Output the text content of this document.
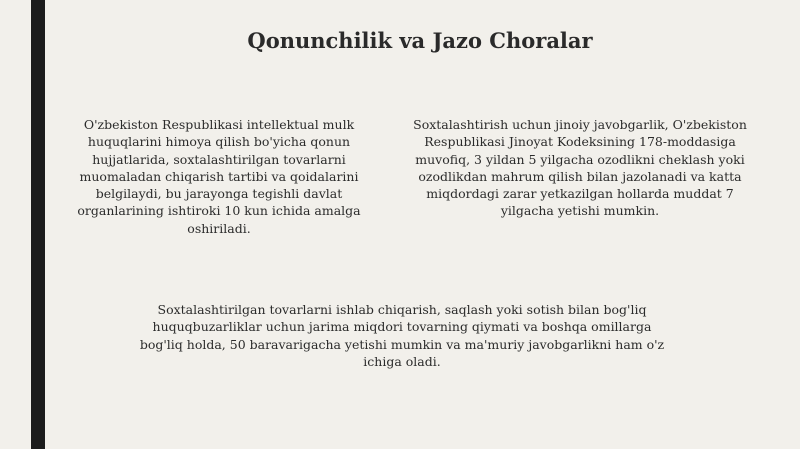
Qonunchilik va Jazo Choralar

O'zbekiston Respublikasi intellektual mulk huquqlarini himoya qilish bo'yicha qonun hujjatlarida, soxtalashtirilgan tovarlarni muomaladan chiqarish tartibi va qoidalarini belgilaydi, bu jarayonga tegishli davlat organlarining ishtiroki 10 kun ichida amalga oshiriladi.

Soxtalashtirish uchun jinoiy javobgarlik, O'zbekiston Respublikasi Jinoyat Kodeksining 178-moddasiga muvofiq, 3 yildan 5 yilgacha ozodlikni cheklash yoki ozodlikdan mahrum qilish bilan jazolanadi va katta miqdordagi zarar yetkazilgan hollarda muddat 7 yilgacha yetishi mumkin.

Soxtalashtirilgan tovarlarni ishlab chiqarish, saqlash yoki sotish bilan bog'liq huquqbuzarliklar uchun jarima miqdori tovarning qiymati va boshqa omillarga bog'liq holda, 50 baravarigacha yetishi mumkin va ma'muriy javobgarlikni ham o'z ichiga oladi.
